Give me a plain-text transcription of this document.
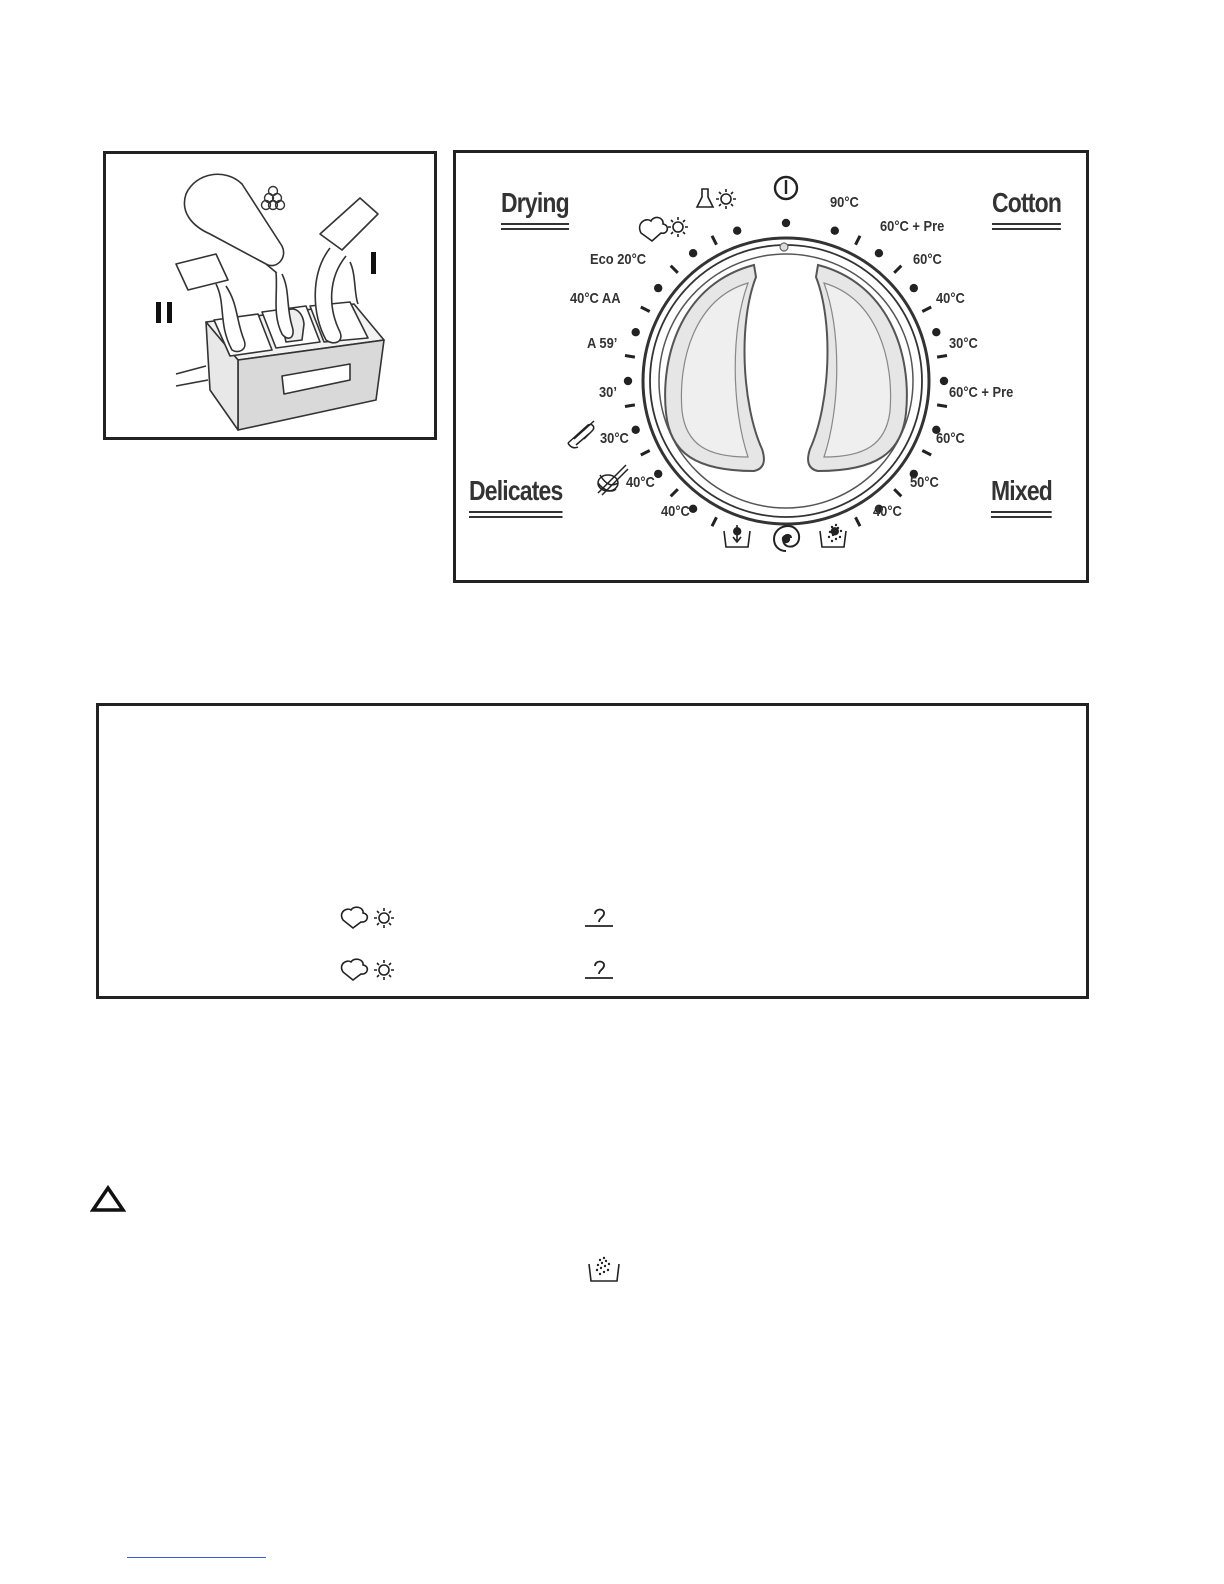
Drying	Cotton
Delicates	Mixed
90°C
60°C + Pre
60°C
40°C
30°C
60°C + Pre
60°C
50°C
40°C
40°C
40°C
30°C
30’
A 59’
40°C AA
Eco 20°C
